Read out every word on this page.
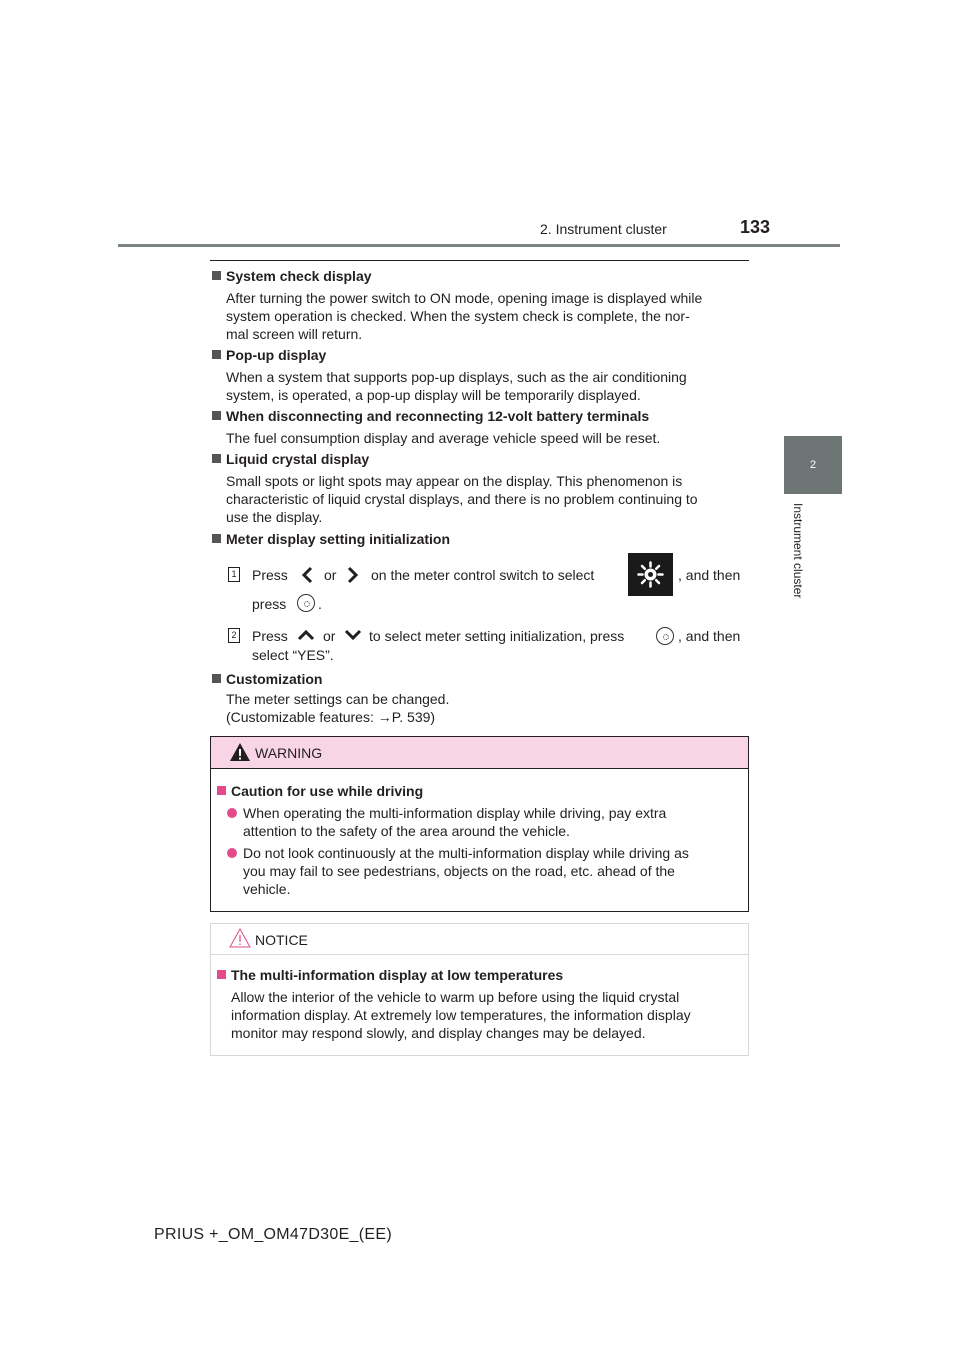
2. Instrument cluster	133
2
Instrument cluster
System check display

After turning the power switch to ON mode, opening image is displayed while

system operation is checked. When the system check is complete, the nor-

mal screen will return.

Pop-up display

When a system that supports pop-up displays, such as the air conditioning

system, is operated, a pop-up display will be temporarily displayed.

When disconnecting and reconnecting 12-volt battery terminals

The fuel consumption display and average vehicle speed will be reset.

Liquid crystal display

Small spots or light spots may appear on the display. This phenomenon is

characteristic of liquid crystal displays, and there is no problem continuing to

use the display.

Meter display setting initialization
1 Press	or on the meter control switch to select	, and then
press .
2 Press	or to select meter setting initialization, press	, and then
select “YES”.
Customization

The meter settings can be changed.

(Customizable features: →P. 539)

WARNING
Caution for use while driving
When operating the multi-information display while driving, pay extra
attention to the safety of the area around the vehicle.
Do not look continuously at the multi-information display while driving as
you may fail to see pedestrians, objects on the road, etc. ahead of the
vehicle.
NOTICE
The multi-information display at low temperatures

Allow the interior of the vehicle to warm up before using the liquid crystal

information display. At extremely low temperatures, the information display

monitor may respond slowly, and display changes may be delayed.

PRIUS +_OM_OM47D30E_(EE)
